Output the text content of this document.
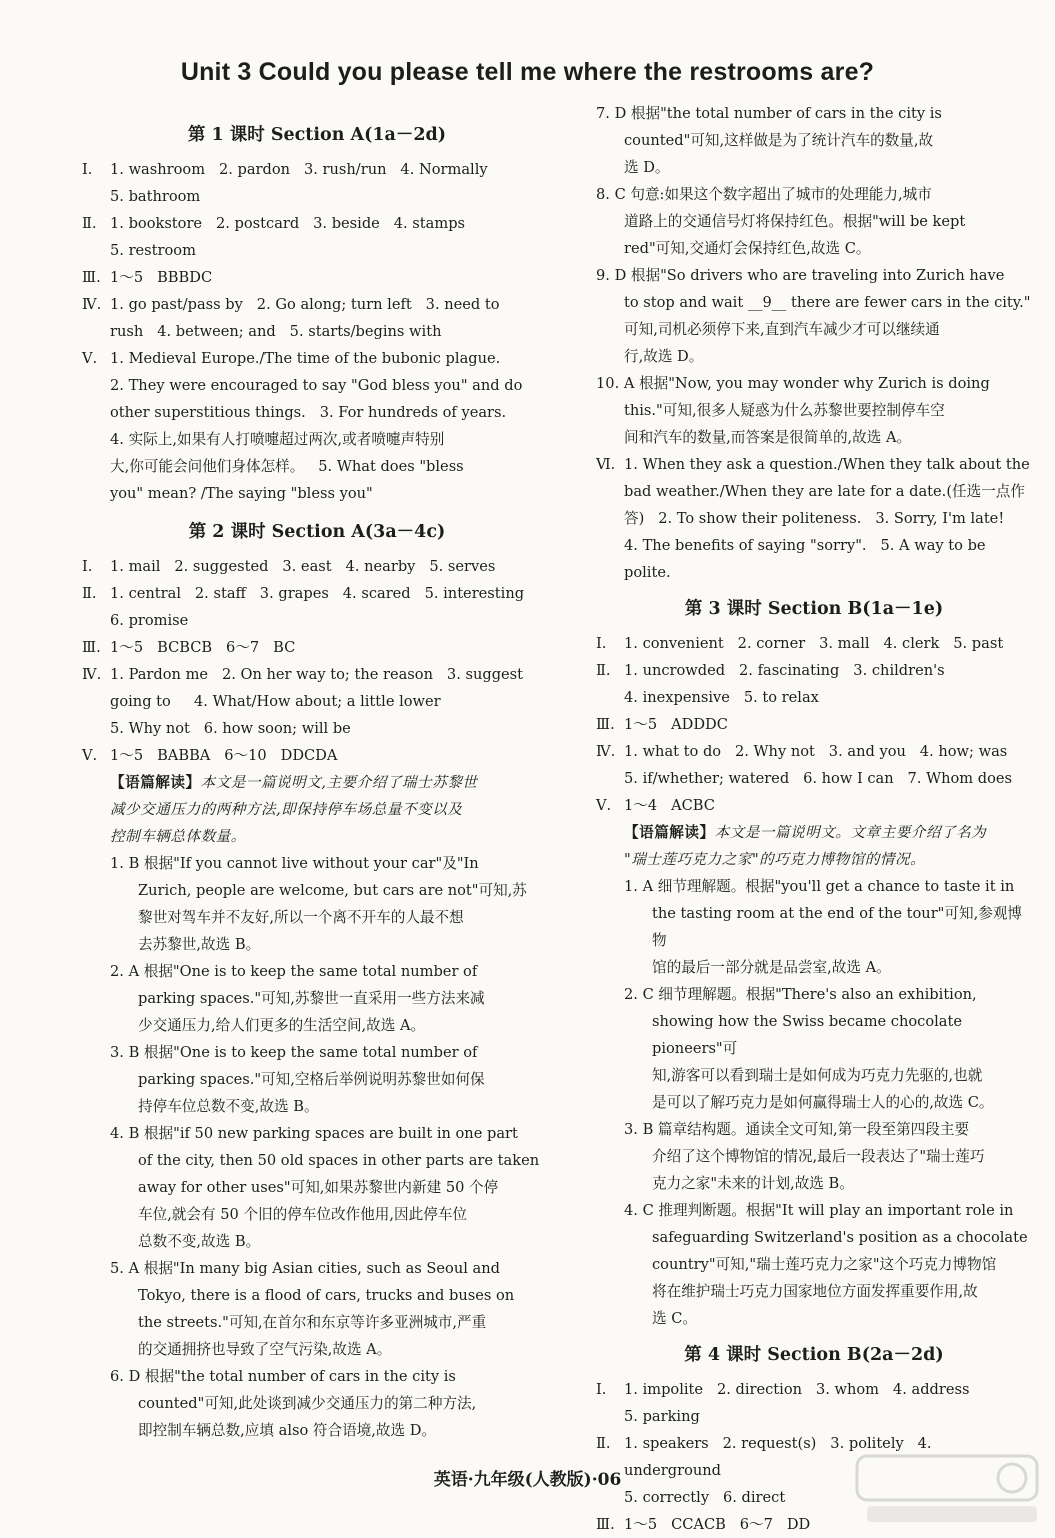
Unit 3 Could you please tell me where the restrooms are?
第 1 课时 Section A(1a－2d)
Ⅰ.	1. washroom   2. pardon   3. rush/run   4. Normally
5. bathroom
Ⅱ. 1. bookstore   2. postcard   3. beside   4. stamps
5. restroom
Ⅲ. 1～5   BBBDC
Ⅳ. 1. go past/pass by   2. Go along; turn left   3. need to
rush   4. between; and   5. starts/begins with
Ⅴ. 1. Medieval Europe./The time of the bubonic plague.
2. They were encouraged to say "God bless you" and do
other superstitious things.   3. For hundreds of years.
4. 实际上,如果有人打喷嚏超过两次,或者喷嚏声特别
大,你可能会问他们身体怎样。   5. What does "bless
you" mean? /The saying "bless you"
第 2 课时 Section A(3a－4c)
Ⅰ.	1. mail   2. suggested   3. east   4. nearby   5. serves
Ⅱ. 1. central   2. staff   3. grapes   4. scared   5. interesting
6. promise
Ⅲ. 1～5   BCBCB   6～7   BC
Ⅳ. 1. Pardon me   2. On her way to; the reason   3. suggest
going to     4. What/How about; a little lower
5. Why not   6. how soon; will be
Ⅴ. 1～5   BABBA   6～10   DDCDA
【语篇解读】本文是一篇说明文,主要介绍了瑞士苏黎世
减少交通压力的两种方法,即保持停车场总量不变以及
控制车辆总体数量。
1. B 根据"If you cannot live without your car"及"In
Zurich, people are welcome, but cars are not"可知,苏
黎世对驾车并不友好,所以一个离不开车的人最不想
去苏黎世,故选 B。
2. A 根据"One is to keep the same total number of
parking spaces."可知,苏黎世一直采用一些方法来减
少交通压力,给人们更多的生活空间,故选 A。
3. B 根据"One is to keep the same total number of
parking spaces."可知,空格后举例说明苏黎世如何保
持停车位总数不变,故选 B。
4. B 根据"if 50 new parking spaces are built in one part
of the city, then 50 old spaces in other parts are taken
away for other uses"可知,如果苏黎世内新建 50 个停
车位,就会有 50 个旧的停车位改作他用,因此停车位
总数不变,故选 B。
5. A 根据"In many big Asian cities, such as Seoul and
Tokyo, there is a flood of cars, trucks and buses on
the streets."可知,在首尔和东京等许多亚洲城市,严重
的交通拥挤也导致了空气污染,故选 A。
6. D 根据"the total number of cars in the city is
counted"可知,此处谈到减少交通压力的第二种方法,
即控制车辆总数,应填 also 符合语境,故选 D。
7. D 根据"the total number of cars in the city is
counted"可知,这样做是为了统计汽车的数量,故
选 D。
8. C 句意:如果这个数字超出了城市的处理能力,城市
道路上的交通信号灯将保持红色。根据"will be kept
red"可知,交通灯会保持红色,故选 C。
9. D 根据"So drivers who are traveling into Zurich have
to stop and wait __9__ there are fewer cars in the city."
可知,司机必须停下来,直到汽车减少才可以继续通
行,故选 D。
10. A 根据"Now, you may wonder why Zurich is doing
this."可知,很多人疑惑为什么苏黎世要控制停车空
间和汽车的数量,而答案是很简单的,故选 A。
Ⅵ. 1. When they ask a question./When they talk about the
bad weather./When they are late for a date.(任选一点作
答)   2. To show their politeness.   3. Sorry, I'm late!
4. The benefits of saying "sorry".   5. A way to be polite.
第 3 课时 Section B(1a－1e)
Ⅰ.	1. convenient   2. corner   3. mall   4. clerk   5. past
Ⅱ. 1. uncrowded   2. fascinating   3. children's
4. inexpensive   5. to relax
Ⅲ. 1～5   ADDDC
Ⅳ. 1. what to do   2. Why not   3. and you   4. how; was
5. if/whether; watered   6. how I can   7. Whom does
Ⅴ. 1～4   ACBC
【语篇解读】本文是一篇说明文。文章主要介绍了名为
"瑞士莲巧克力之家"的巧克力博物馆的情况。
1. A 细节理解题。根据"you'll get a chance to taste it in
the tasting room at the end of the tour"可知,参观博物
馆的最后一部分就是品尝室,故选 A。
2. C 细节理解题。根据"There's also an exhibition,
showing how the Swiss became chocolate pioneers"可
知,游客可以看到瑞士是如何成为巧克力先驱的,也就
是可以了解巧克力是如何赢得瑞士人的心的,故选 C。
3. B 篇章结构题。通读全文可知,第一段至第四段主要
介绍了这个博物馆的情况,最后一段表达了"瑞士莲巧
克力之家"未来的计划,故选 B。
4. C 推理判断题。根据"It will play an important role in
safeguarding Switzerland's position as a chocolate
country"可知,"瑞士莲巧克力之家"这个巧克力博物馆
将在维护瑞士巧克力国家地位方面发挥重要作用,故
选 C。
第 4 课时 Section B(2a－2d)
Ⅰ.	1. impolite   2. direction   3. whom   4. address
5. parking
Ⅱ. 1. speakers   2. request(s)   3. politely   4. underground
5. correctly   6. direct
Ⅲ. 1～5   CCACB   6～7   DD
英语·九年级(人教版)·06
